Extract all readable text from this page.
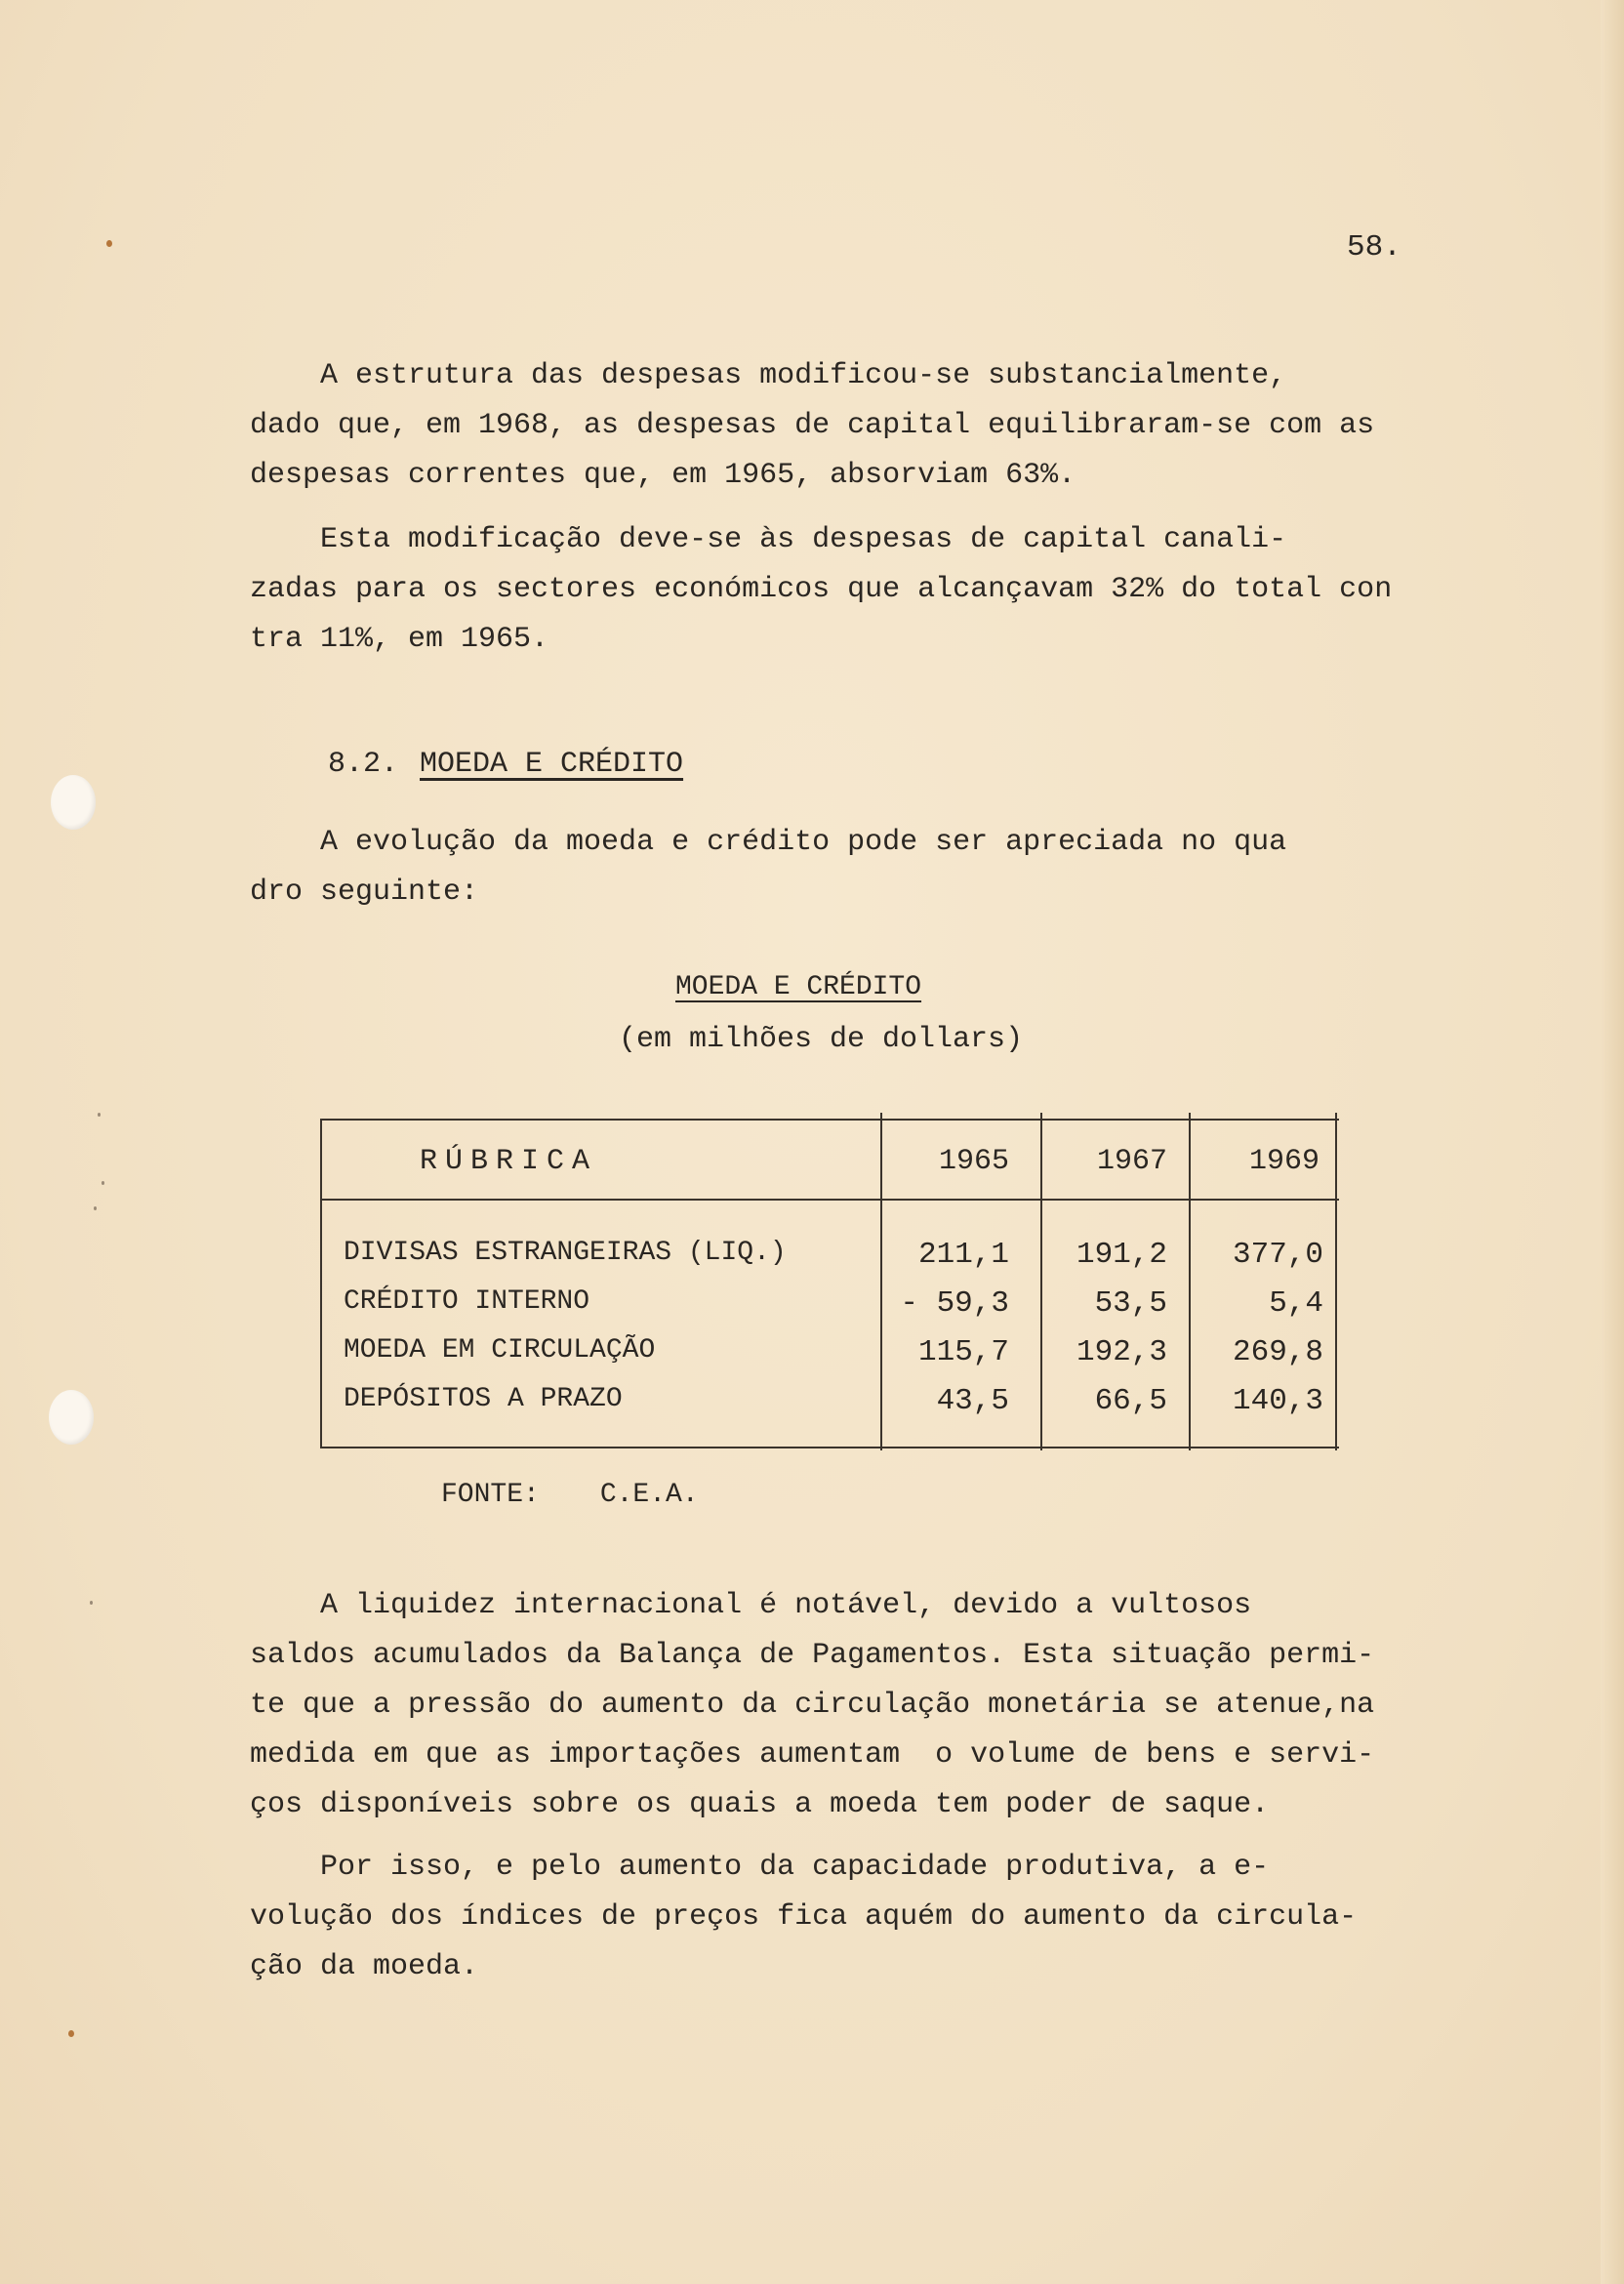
58.
A estrutura das despesas modificou-se substancialmente,
dado que, em 1968, as despesas de capital equilibraram-se com as
despesas correntes que, em 1965, absorviam 63%.
Esta modificação deve-se às despesas de capital canali-
zadas para os sectores económicos que alcançavam 32% do total con
tra 11%, em 1965.
8.2. MOEDA E CRÉDITO
A evolução da moeda e crédito pode ser apreciada no qua
dro seguinte:
MOEDA E CRÉDITO
(em milhões de dollars)
RÚBRICA	1965	1967	1969
DIVISAS ESTRANGEIRAS (LIQ.)	211,1	191,2	377,0
CRÉDITO INTERNO	- 59,3	53,5	5,4
MOEDA EM CIRCULAÇÃO	115,7	192,3	269,8
DEPÓSITOS A PRAZO	43,5	66,5	140,3
FONTE: C.E.A.
A liquidez internacional é notável, devido a vultosos
saldos acumulados da Balança de Pagamentos. Esta situação permi-
te que a pressão do aumento da circulação monetária se atenue,na
medida em que as importações aumentam  o volume de bens e servi-
ços disponíveis sobre os quais a moeda tem poder de saque.
Por isso, e pelo aumento da capacidade produtiva, a e-
volução dos índices de preços fica aquém do aumento da circula-
ção da moeda.
